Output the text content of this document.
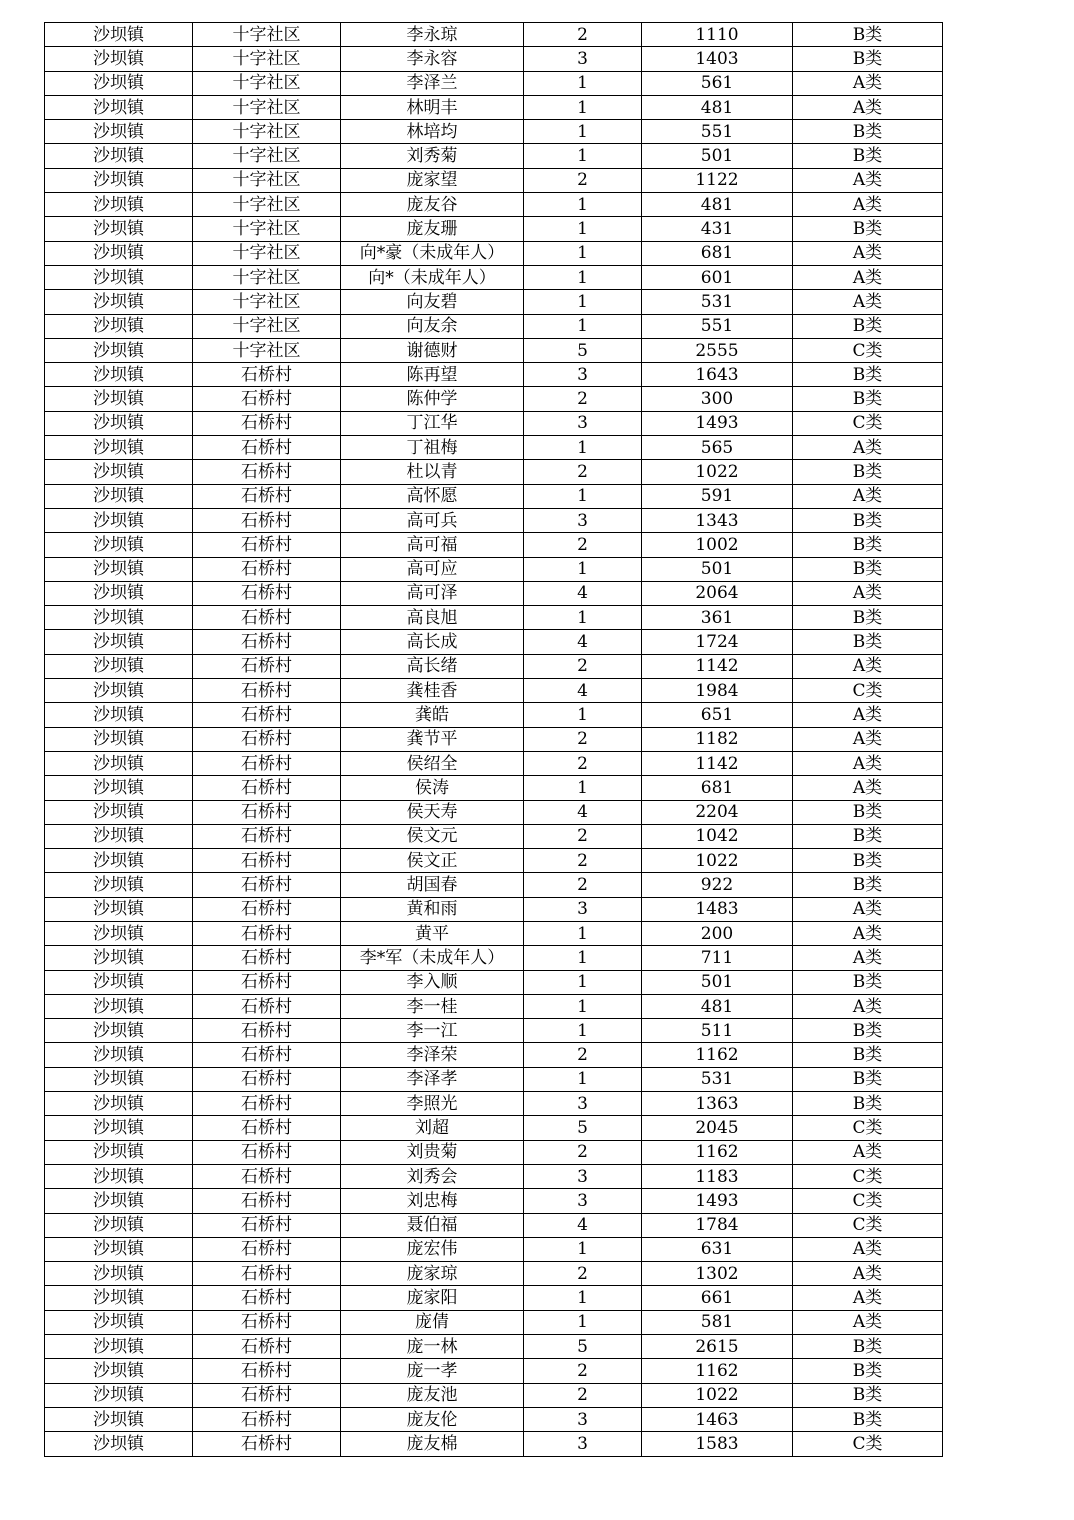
沙坝镇	十字社区	李永琼	2	1110	B类
沙坝镇	十字社区	李永容	3	1403	B类
沙坝镇	十字社区	李泽兰	1	561	A类
沙坝镇	十字社区	林明丰	1	481	A类
沙坝镇	十字社区	林培均	1	551	B类
沙坝镇	十字社区	刘秀菊	1	501	B类
沙坝镇	十字社区	庞家望	2	1122	A类
沙坝镇	十字社区	庞友谷	1	481	A类
沙坝镇	十字社区	庞友珊	1	431	B类
沙坝镇	十字社区	向*豪（未成年人）	1	681	A类
沙坝镇	十字社区	向*（未成年人）	1	601	A类
沙坝镇	十字社区	向友碧	1	531	A类
沙坝镇	十字社区	向友余	1	551	B类
沙坝镇	十字社区	谢德财	5	2555	C类
沙坝镇	石桥村	陈再望	3	1643	B类
沙坝镇	石桥村	陈仲学	2	300	B类
沙坝镇	石桥村	丁江华	3	1493	C类
沙坝镇	石桥村	丁祖梅	1	565	A类
沙坝镇	石桥村	杜以青	2	1022	B类
沙坝镇	石桥村	高怀愿	1	591	A类
沙坝镇	石桥村	高可兵	3	1343	B类
沙坝镇	石桥村	高可福	2	1002	B类
沙坝镇	石桥村	高可应	1	501	B类
沙坝镇	石桥村	高可泽	4	2064	A类
沙坝镇	石桥村	高良旭	1	361	B类
沙坝镇	石桥村	高长成	4	1724	B类
沙坝镇	石桥村	高长绪	2	1142	A类
沙坝镇	石桥村	龚桂香	4	1984	C类
沙坝镇	石桥村	龚皓	1	651	A类
沙坝镇	石桥村	龚节平	2	1182	A类
沙坝镇	石桥村	侯绍全	2	1142	A类
沙坝镇	石桥村	侯涛	1	681	A类
沙坝镇	石桥村	侯天寿	4	2204	B类
沙坝镇	石桥村	侯文元	2	1042	B类
沙坝镇	石桥村	侯文正	2	1022	B类
沙坝镇	石桥村	胡国春	2	922	B类
沙坝镇	石桥村	黄和雨	3	1483	A类
沙坝镇	石桥村	黄平	1	200	A类
沙坝镇	石桥村	李*军（未成年人）	1	711	A类
沙坝镇	石桥村	李入顺	1	501	B类
沙坝镇	石桥村	李一桂	1	481	A类
沙坝镇	石桥村	李一江	1	511	B类
沙坝镇	石桥村	李泽荣	2	1162	B类
沙坝镇	石桥村	李泽孝	1	531	B类
沙坝镇	石桥村	李照光	3	1363	B类
沙坝镇	石桥村	刘超	5	2045	C类
沙坝镇	石桥村	刘贵菊	2	1162	A类
沙坝镇	石桥村	刘秀会	3	1183	C类
沙坝镇	石桥村	刘忠梅	3	1493	C类
沙坝镇	石桥村	聂伯福	4	1784	C类
沙坝镇	石桥村	庞宏伟	1	631	A类
沙坝镇	石桥村	庞家琼	2	1302	A类
沙坝镇	石桥村	庞家阳	1	661	A类
沙坝镇	石桥村	庞倩	1	581	A类
沙坝镇	石桥村	庞一林	5	2615	B类
沙坝镇	石桥村	庞一孝	2	1162	B类
沙坝镇	石桥村	庞友池	2	1022	B类
沙坝镇	石桥村	庞友伦	3	1463	B类
沙坝镇	石桥村	庞友棉	3	1583	C类
